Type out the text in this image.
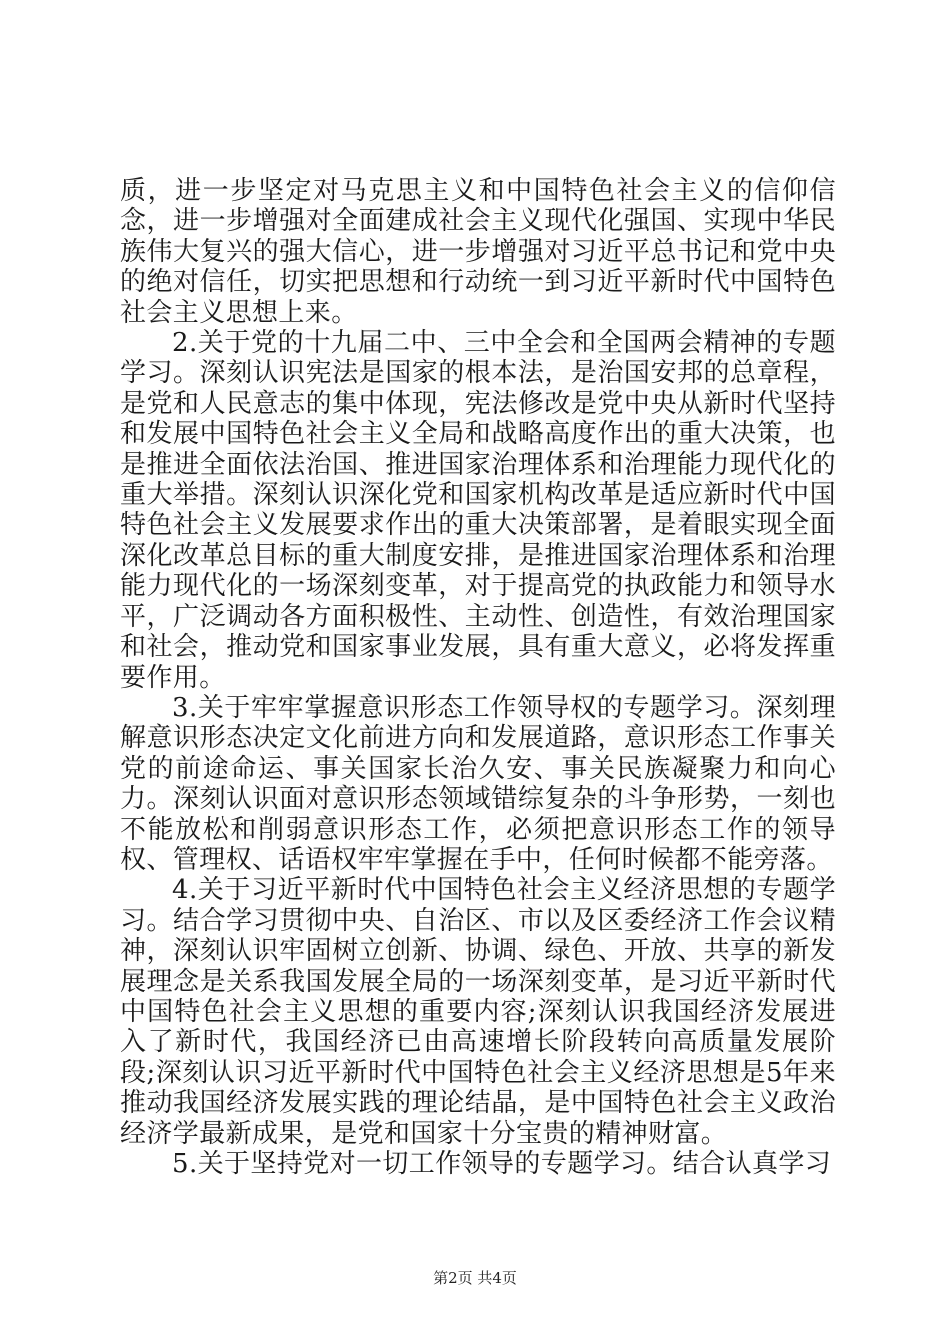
质，进一步坚定对马克思主义和中国特色社会主义的信仰信念，进一步增强对全面建成社会主义现代化强国、实现中华民族伟大复兴的强大信心，进一步增强对习近平总书记和党中央的绝对信任，切实把思想和行动统一到习近平新时代中国特色社会主义思想上来。

2.关于党的十九届二中、三中全会和全国两会精神的专题学习。深刻认识宪法是国家的根本法，是治国安邦的总章程，是党和人民意志的集中体现，宪法修改是党中央从新时代坚持和发展中国特色社会主义全局和战略高度作出的重大决策，也是推进全面依法治国、推进国家治理体系和治理能力现代化的重大举措。深刻认识深化党和国家机构改革是适应新时代中国特色社会主义发展要求作出的重大决策部署，是着眼实现全面深化改革总目标的重大制度安排，是推进国家治理体系和治理能力现代化的一场深刻变革，对于提高党的执政能力和领导水平，广泛调动各方面积极性、主动性、创造性，有效治理国家和社会，推动党和国家事业发展，具有重大意义，必将发挥重要作用。

3.关于牢牢掌握意识形态工作领导权的专题学习。深刻理解意识形态决定文化前进方向和发展道路，意识形态工作事关党的前途命运、事关国家长治久安、事关民族凝聚力和向心力。深刻认识面对意识形态领域错综复杂的斗争形势，一刻也不能放松和削弱意识形态工作，必须把意识形态工作的领导权、管理权、话语权牢牢掌握在手中，任何时候都不能旁落。

4.关于习近平新时代中国特色社会主义经济思想的专题学习。结合学习贯彻中央、自治区、市以及区委经济工作会议精神，深刻认识牢固树立创新、协调、绿色、开放、共享的新发展理念是关系我国发展全局的一场深刻变革，是习近平新时代中国特色社会主义思想的重要内容;深刻认识我国经济发展进入了新时代，我国经济已由高速增长阶段转向高质量发展阶段;深刻认识习近平新时代中国特色社会主义经济思想是5年来推动我国经济发展实践的理论结晶，是中国特色社会主义政治经济学最新成果，是党和国家十分宝贵的精神财富。

5.关于坚持党对一切工作领导的专题学习。结合认真学习

第2页 共4页
